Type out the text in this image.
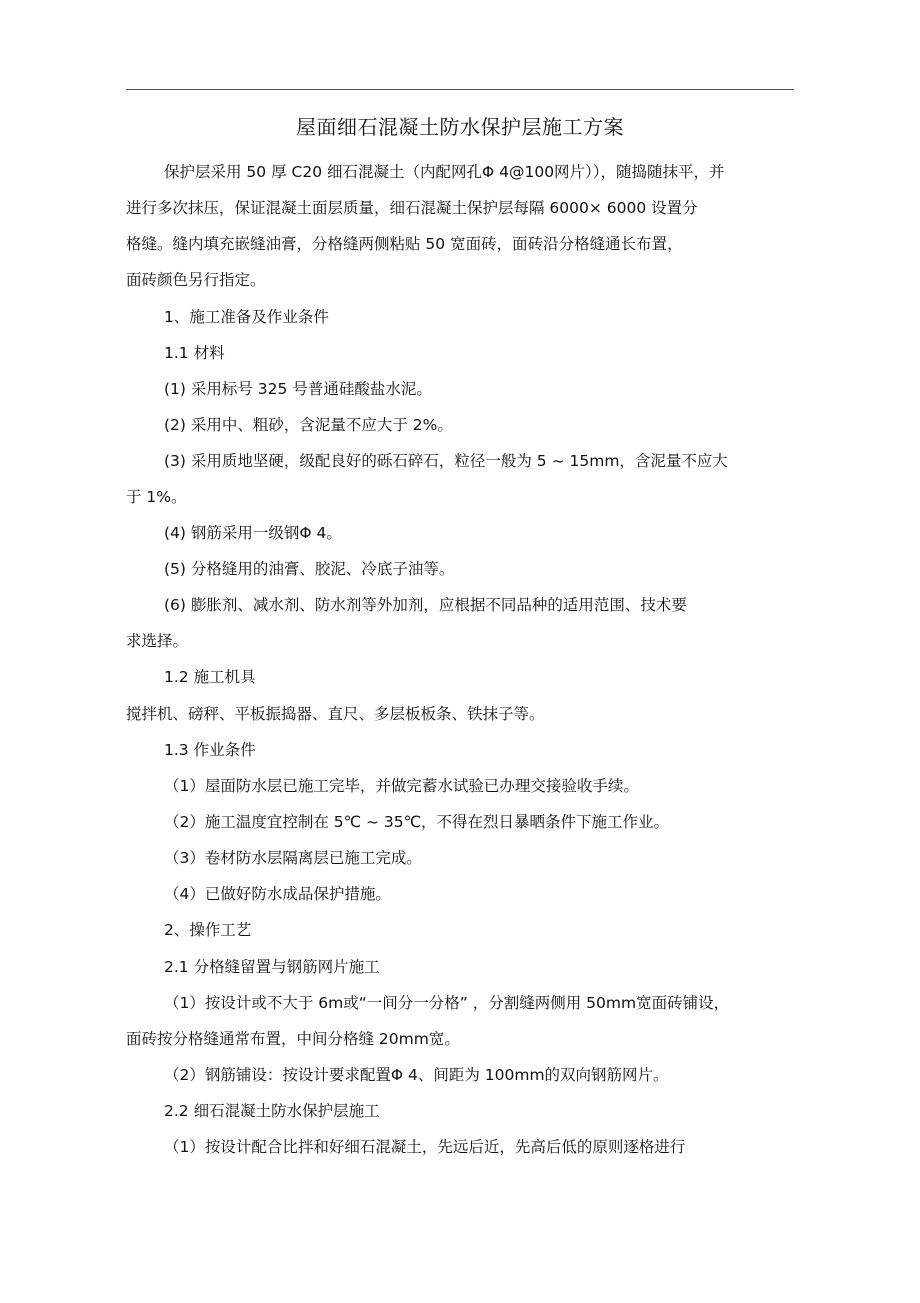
屋面细石混凝土防水保护层施工方案
保护层采用 50 厚 C20 细石混凝土（内配网孔Φ 4@100网片）），随捣随抹平，并
进行多次抹压，保证混凝土面层质量，细石混凝土保护层每隔 6000× 6000 设置分
格缝。缝内填充嵌缝油膏，分格缝两侧粘贴 50 宽面砖，面砖沿分格缝通长布置，
面砖颜色另行指定。
1、施工准备及作业条件
1.1 材料
(1) 采用标号 325 号普通硅酸盐水泥。
(2) 采用中、粗砂，含泥量不应大于 2%。
(3) 采用质地坚硬，级配良好的砾石碎石，粒径一般为 5 ~ 15mm，含泥量不应大
于 1%。
(4) 钢筋采用一级钢Φ 4。
(5) 分格缝用的油膏、胶泥、冷底子油等。
(6) 膨胀剂、减水剂、防水剂等外加剂，应根据不同品种的适用范围、技术要
求选择。
1.2 施工机具
搅拌机、磅秤、平板振捣器、直尺、多层板板条、铁抹子等。
1.3 作业条件
（1）屋面防水层已施工完毕，并做完蓄水试验已办理交接验收手续。
（2）施工温度宜控制在 5℃ ~ 35℃，不得在烈日暴晒条件下施工作业。
（3）卷材防水层隔离层已施工完成。
（4）已做好防水成品保护措施。
2、操作工艺
2.1 分格缝留置与钢筋网片施工
（1）按设计或不大于 6m或“一间分一分格” ，分割缝两侧用 50mm宽面砖铺设，
面砖按分格缝通常布置，中间分格缝 20mm宽。
（2）钢筋铺设：按设计要求配置Φ 4、间距为 100mm的双向钢筋网片。
2.2 细石混凝土防水保护层施工
（1）按设计配合比拌和好细石混凝土，先远后近，先高后低的原则逐格进行
